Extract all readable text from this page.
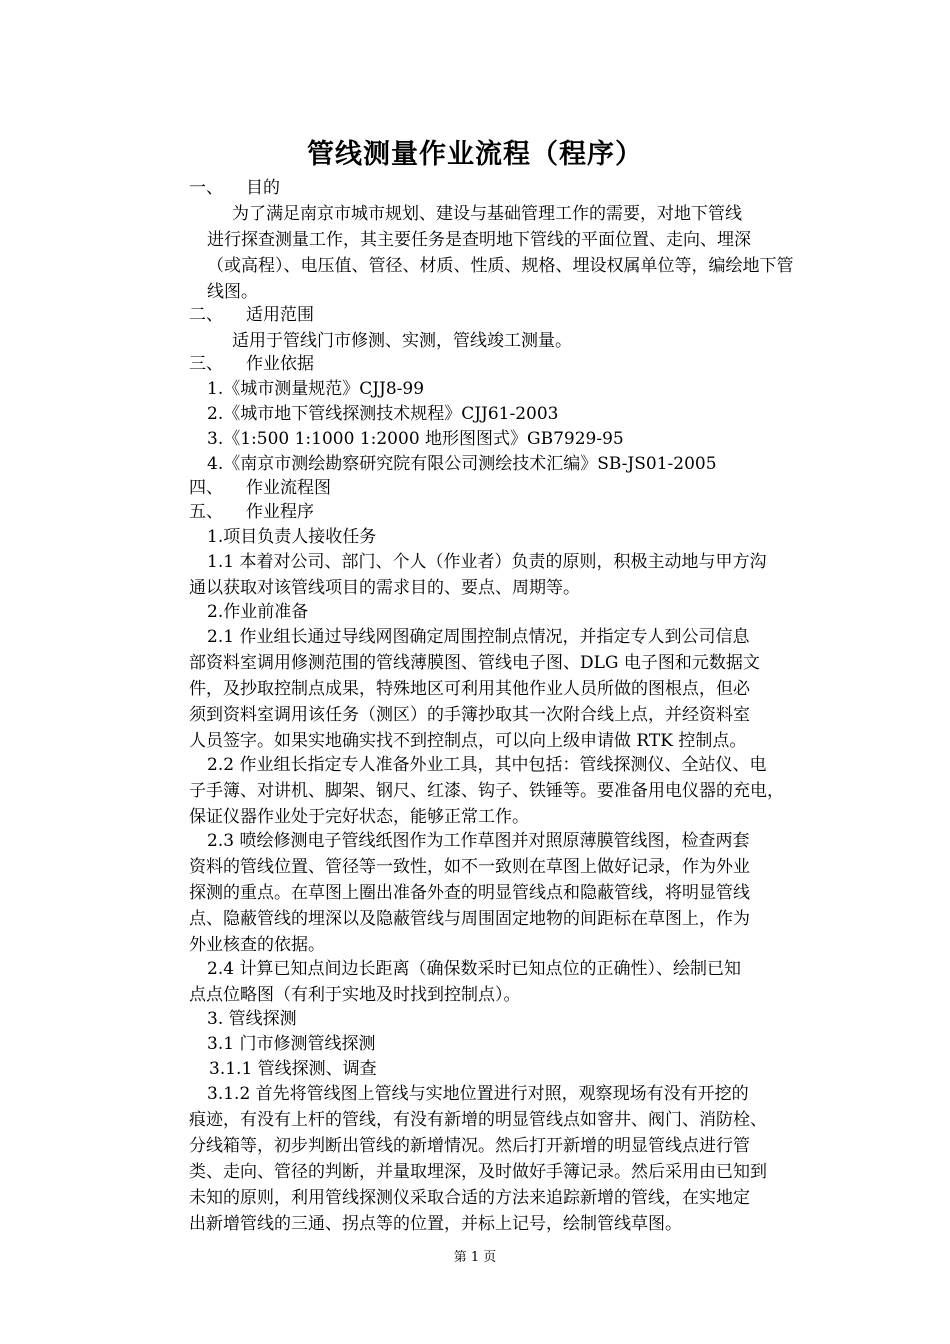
管线测量作业流程（程序）
一、 目的
为了满足南京市城市规划、建设与基础管理工作的需要，对地下管线
进行探查测量工作，其主要任务是查明地下管线的平面位置、走向、埋深
（或高程）、电压值、管径、材质、性质、规格、埋设权属单位等，编绘地下管
线图。
二、 适用范围
适用于管线门市修测、实测，管线竣工测量。
三、 作业依据
1.《城市测量规范》CJJ8-99
2.《城市地下管线探测技术规程》CJJ61-2003
3.《1:500 1:1000 1:2000 地形图图式》GB7929-95
4.《南京市测绘勘察研究院有限公司测绘技术汇编》SB-JS01-2005
四、 作业流程图
五、 作业程序
1.项目负责人接收任务
1.1 本着对公司、部门、个人（作业者）负责的原则，积极主动地与甲方沟
通以获取对该管线项目的需求目的、要点、周期等。
2.作业前准备
2.1 作业组长通过导线网图确定周围控制点情况，并指定专人到公司信息
部资料室调用修测范围的管线薄膜图、管线电子图、DLG 电子图和元数据文
件，及抄取控制点成果，特殊地区可利用其他作业人员所做的图根点，但必
须到资料室调用该任务（测区）的手簿抄取其一次附合线上点，并经资料室
人员签字。如果实地确实找不到控制点，可以向上级申请做 RTK 控制点。
2.2 作业组长指定专人准备外业工具，其中包括：管线探测仪、全站仪、电
子手簿、对讲机、脚架、钢尺、红漆、钩子、铁锤等。要准备用电仪器的充电，
保证仪器作业处于完好状态，能够正常工作。
2.3 喷绘修测电子管线纸图作为工作草图并对照原薄膜管线图，检查两套
资料的管线位置、管径等一致性，如不一致则在草图上做好记录，作为外业
探测的重点。在草图上圈出准备外查的明显管线点和隐蔽管线，将明显管线
点、隐蔽管线的埋深以及隐蔽管线与周围固定地物的间距标在草图上，作为
外业核查的依据。
2.4 计算已知点间边长距离（确保数采时已知点位的正确性）、绘制已知
点点位略图（有利于实地及时找到控制点）。
3. 管线探测
3.1 门市修测管线探测
3.1.1 管线探测、调查
3.1.2 首先将管线图上管线与实地位置进行对照，观察现场有没有开挖的
痕迹，有没有上杆的管线，有没有新增的明显管线点如窨井、阀门、消防栓、
分线箱等，初步判断出管线的新增情况。然后打开新增的明显管线点进行管
类、走向、管径的判断，并量取埋深，及时做好手簿记录。然后采用由已知到
未知的原则，利用管线探测仪采取合适的方法来追踪新增的管线，在实地定
出新增管线的三通、拐点等的位置，并标上记号，绘制管线草图。
第 1 页
